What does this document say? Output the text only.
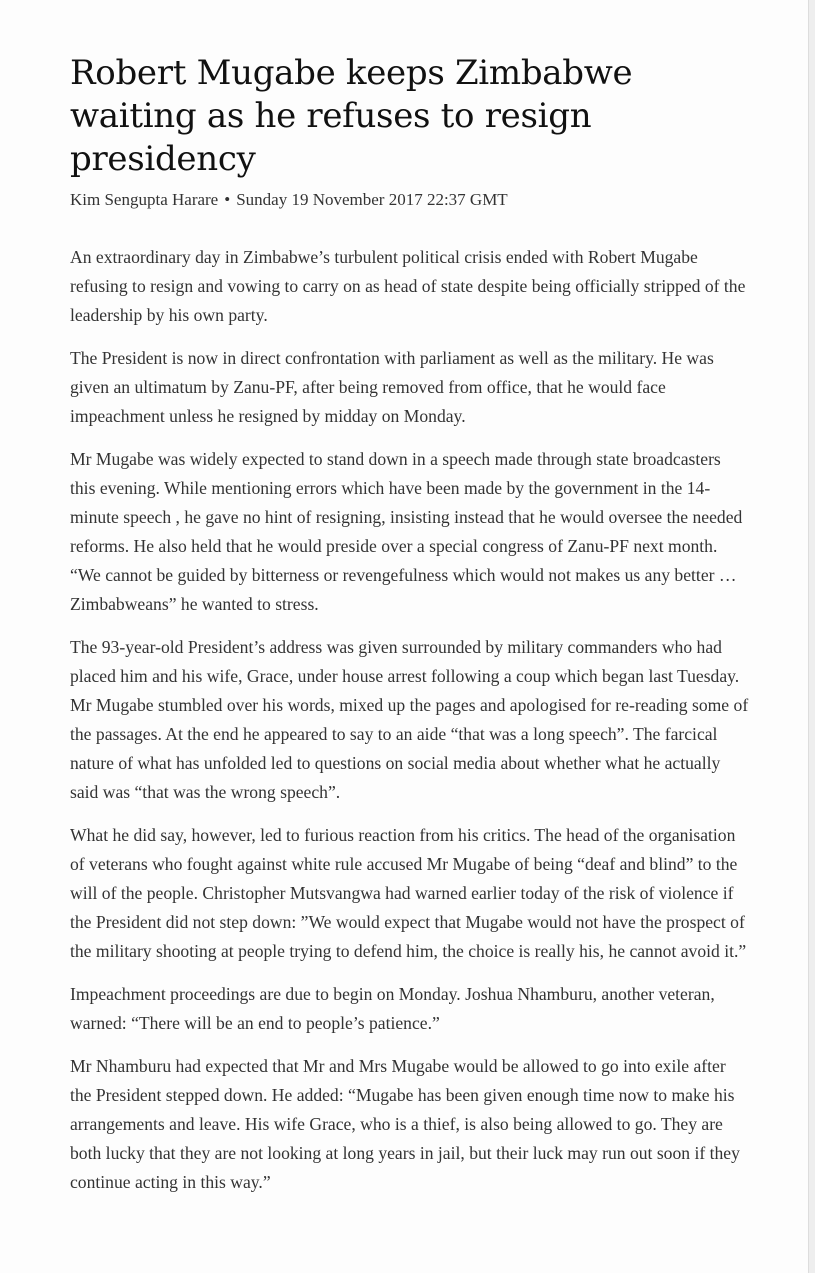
Robert Mugabe keeps Zimbabwe waiting as he refuses to resign presidency
Kim Sengupta Harare • Sunday 19 November 2017 22:37 GMT

An extraordinary day in Zimbabwe’s turbulent political crisis ended with Robert Mugabe refusing to resign and vowing to carry on as head of state despite being officially stripped of the leadership by his own party.

The President is now in direct confrontation with parliament as well as the military. He was given an ultimatum by Zanu-PF, after being removed from office, that he would face impeachment unless he resigned by midday on Monday.

Mr Mugabe was widely expected to stand down in a speech made through state broadcasters this evening. While mentioning errors which have been made by the government in the 14-minute speech , he gave no hint of resigning, insisting instead that he would oversee the needed reforms. He also held that he would preside over a special congress of Zanu-PF next month. “We cannot be guided by bitterness or revengefulness which would not makes us any better … Zimbabweans” he wanted to stress.

The 93-year-old President’s address was given surrounded by military commanders who had placed him and his wife, Grace, under house arrest following a coup which began last Tuesday. Mr Mugabe stumbled over his words, mixed up the pages and apologised for re-reading some of the passages. At the end he appeared to say to an aide “that was a long speech”. The farcical nature of what has unfolded led to questions on social media about whether what he actually said was “that was the wrong speech”.

What he did say, however, led to furious reaction from his critics. The head of the organisation of veterans who fought against white rule accused Mr Mugabe of being “deaf and blind” to the will of the people. Christopher Mutsvangwa had warned earlier today of the risk of violence if the President did not step down: ”We would expect that Mugabe would not have the prospect of the military shooting at people trying to defend him, the choice is really his, he cannot avoid it.”

Impeachment proceedings are due to begin on Monday. Joshua Nhamburu, another veteran, warned: “There will be an end to people’s patience.”

Mr Nhamburu had expected that Mr and Mrs Mugabe would be allowed to go into exile after the President stepped down. He added: “Mugabe has been given enough time now to make his arrangements and leave. His wife Grace, who is a thief, is also being allowed to go. They are both lucky that they are not looking at long years in jail, but their luck may run out soon if they continue acting in this way.”
